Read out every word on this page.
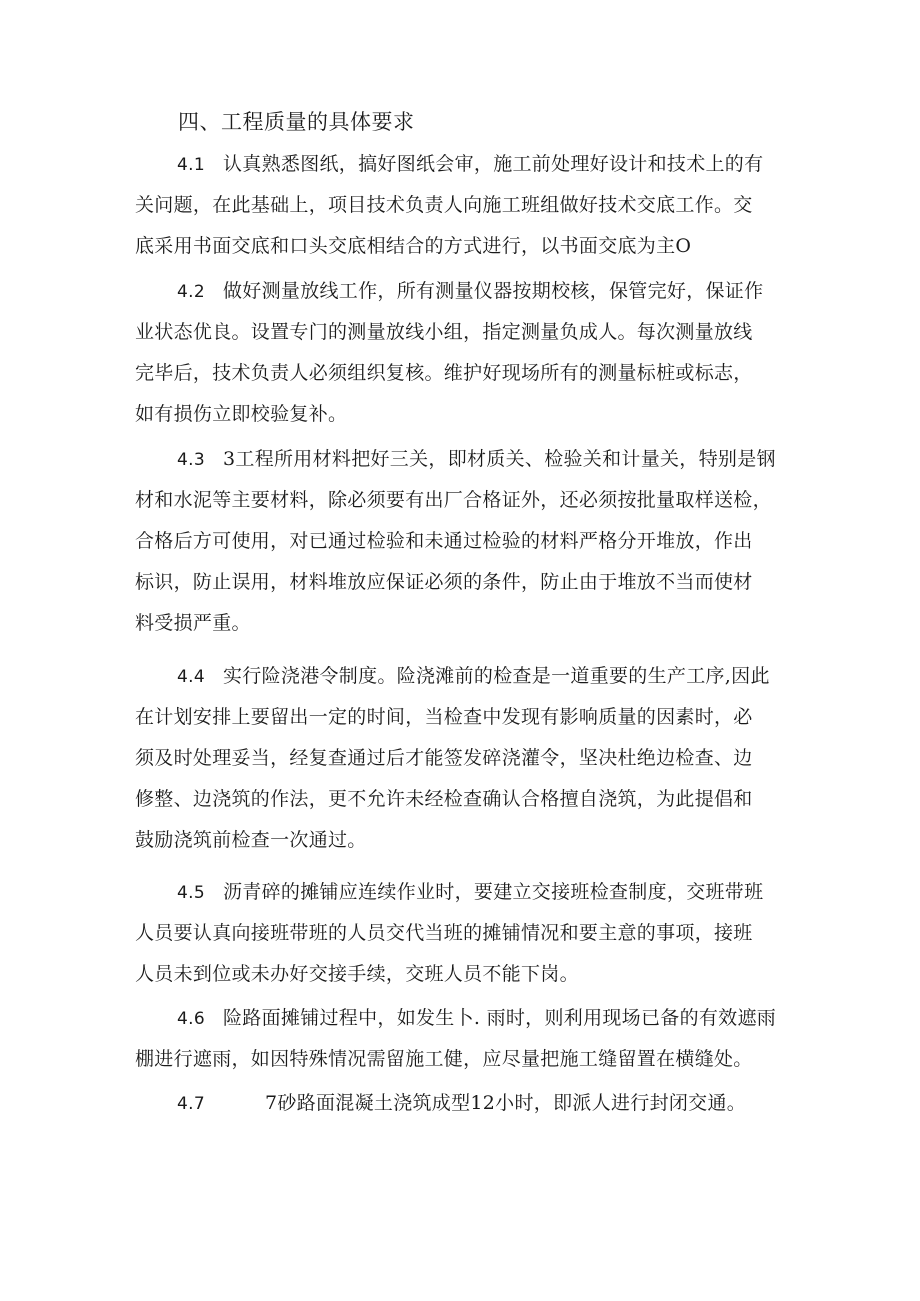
四、工程质量的具体要求
4.1 认真熟悉图纸，搞好图纸会审，施工前处理好设计和技术上的有
关问题，在此基础上，项目技术负责人向施工班组做好技术交底工作。交
底采用书面交底和口头交底相结合的方式进行，以书面交底为主O
4.2 做好测量放线工作，所有测量仪器按期校核，保管完好，保证作
业状态优良。设置专门的测量放线小组，指定测量负成人。每次测量放线
完毕后，技术负责人必须组织复核。维护好现场所有的测量标桩或标志，
如有损伤立即校验复补。
4.3 3工程所用材料把好三关，即材质关、检验关和计量关，特别是钢
材和水泥等主要材料，除必须要有出厂合格证外，还必须按批量取样送检，
合格后方可使用，对已通过检验和未通过检验的材料严格分开堆放，作出
标识，防止误用，材料堆放应保证必须的条件，防止由于堆放不当而使材
料受损严重。
4.4 实行险浇港令制度。险浇滩前的检查是一道重要的生产工序,因此
在计划安排上要留出一定的时间，当检查中发现有影响质量的因素时，必
须及时处理妥当，经复查通过后才能签发碎浇灌令，坚决杜绝边检查、边
修整、边浇筑的作法，更不允许未经检查确认合格擅自浇筑，为此提倡和
鼓励浇筑前检查一次通过。
4.5 沥青碎的摊铺应连续作业时，要建立交接班检查制度，交班带班
人员要认真向接班带班的人员交代当班的摊铺情况和要主意的事项，接班
人员未到位或未办好交接手续，交班人员不能下岗。
4.6 险路面摊铺过程中，如发生卜. 雨时，则利用现场已备的有效遮雨
棚进行遮雨，如因特殊情况需留施工健，应尽量把施工缝留置在横缝处。
4.7	7砂路面混凝土浇筑成型12小时，即派人进行封闭交通。
